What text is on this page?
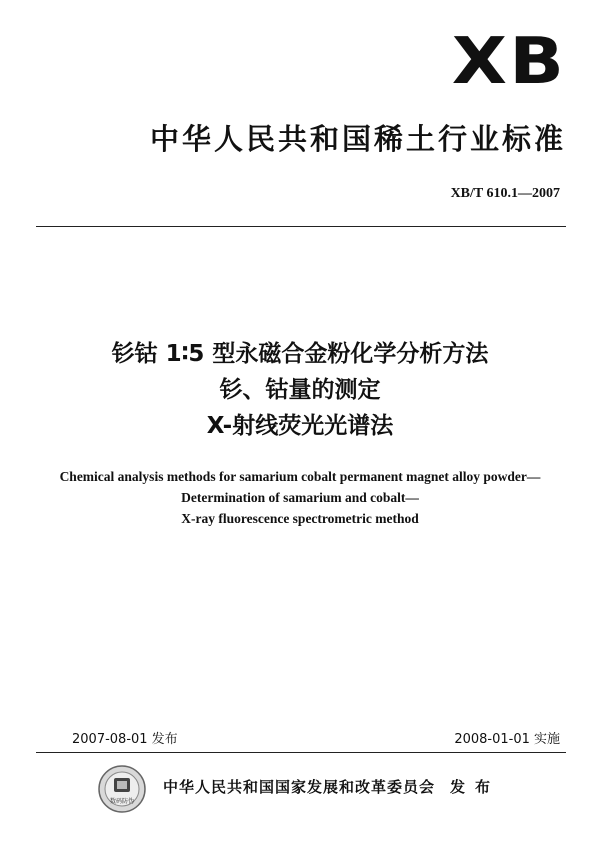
XB
中华人民共和国稀土行业标准
XB/T 610.1—2007
钐钴 1∶5 型永磁合金粉化学分析方法
钐、钴量的测定
X-射线荧光光谱法
Chemical analysis methods for samarium cobalt permanent magnet alloy powder—
Determination of samarium and cobalt—
X-ray fluorescence spectrometric method
2007-08-01 发布	2008-01-01 实施
数码防伪
中华人民共和国国家发展和改革委员会 发布
